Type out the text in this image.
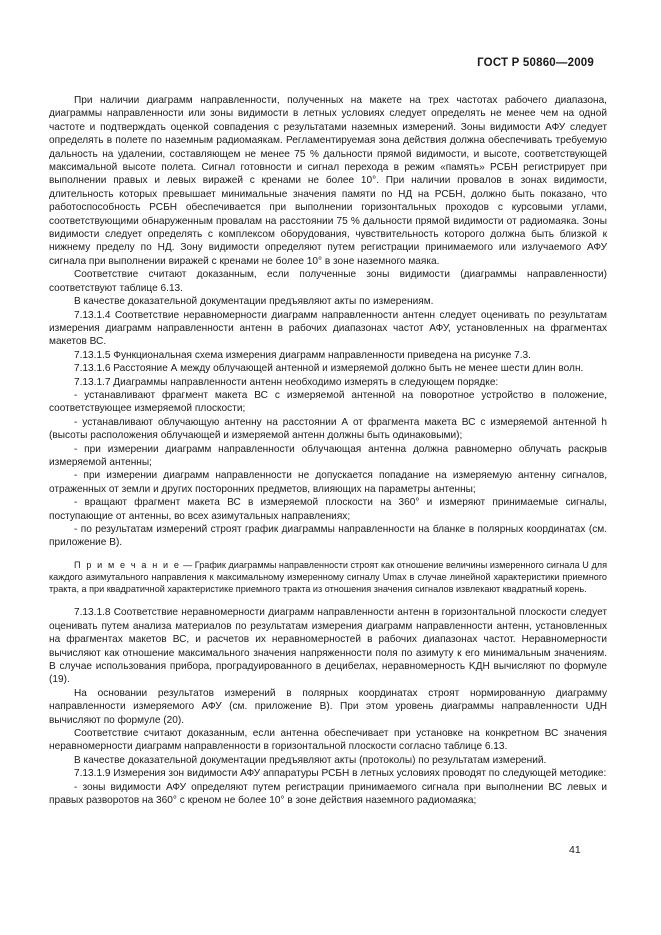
ГОСТ Р 50860—2009

При наличии диаграмм направленности, полученных на макете на трех частотах рабочего диапазона, диаграммы направленности или зоны видимости в летных условиях следует определять не менее чем на одной частоте и подтверждать оценкой совпадения с результатами наземных измерений. Зоны видимости АФУ следует определять в полете по наземным радиомаякам. Регламентируемая зона действия должна обеспечивать требуемую дальность на удалении, составляющем не менее 75 % дальности прямой видимости, и высоте, соответствующей максимальной высоте полета. Сигнал готовности и сигнал перехода в режим «память» РСБН регистрирует при выполнении правых и левых виражей с кренами не более 10°. При наличии провалов в зонах видимости, длительность которых превышает минимальные значения памяти по НД на РСБН, должно быть показано, что работоспособность РСБН обеспечивается при выполнении горизонтальных проходов с курсовыми углами, соответствующими обнаруженным провалам на расстоянии 75 % дальности прямой видимости от радиомаяка. Зоны видимости следует определять с комплексом оборудования, чувствительность которого должна быть близкой к нижнему пределу по НД. Зону видимости определяют путем регистрации принимаемого или излучаемого АФУ сигнала при выполнении виражей с кренами не более 10° в зоне наземного маяка.

Соответствие считают доказанным, если полученные зоны видимости (диаграммы направленности) соответствуют таблице 6.13.

В качестве доказательной документации предъявляют акты по измерениям.

7.13.1.4 Соответствие неравномерности диаграмм направленности антенн следует оценивать по результатам измерения диаграмм направленности антенн в рабочих диапазонах частот АФУ, установленных на фрагментах макетов ВС.

7.13.1.5 Функциональная схема измерения диаграмм направленности приведена на рисунке 7.3.

7.13.1.6 Расстояние А между облучающей антенной и измеряемой должно быть не менее шести длин волн.

7.13.1.7 Диаграммы направленности антенн необходимо измерять в следующем порядке:

- устанавливают фрагмент макета ВС с измеряемой антенной на поворотное устройство в положение, соответствующее измеряемой плоскости;

- устанавливают облучающую антенну на расстоянии А от фрагмента макета ВС с измеряемой антенной h (высоты расположения облучающей и измеряемой антенн должны быть одинаковыми);

- при измерении диаграмм направленности облучающая антенна должна равномерно облучать раскрыв измеряемой антенны;

- при измерении диаграмм направленности не допускается попадание на измеряемую антенну сигналов, отраженных от земли и других посторонних предметов, влияющих на параметры антенны;

- вращают фрагмент макета ВС в измеряемой плоскости на 360° и измеряют принимаемые сигналы, поступающие от антенны, во всех азимутальных направлениях;

- по результатам измерений строят график диаграммы направленности на бланке в полярных координатах (см. приложение В).

П р и м е ч а н и е — График диаграммы направленности строят как отношение величины измеренного сигнала U для каждого азимутального направления к максимальному измеренному сигналу Umax в случае линейной характеристики приемного тракта, а при квадратичной характеристике приемного тракта из отношения значения сигналов извлекают квадратный корень.

7.13.1.8 Соответствие неравномерности диаграмм направленности антенн в горизонтальной плоскости следует оценивать путем анализа материалов по результатам измерения диаграмм направленности антенн, установленных на фрагментах макетов ВС, и расчетов их неравномерностей в рабочих диапазонах частот. Неравномерности вычисляют как отношение максимального значения напряженности поля по азимуту к его минимальным значениям. В случае использования прибора, проградуированного в децибелах, неравномерность KДН вычисляют по формуле (19).

На основании результатов измерений в полярных координатах строят нормированную диаграмму направленности измеряемого АФУ (см. приложение В). При этом уровень диаграммы направленности UДН вычисляют по формуле (20).

Соответствие считают доказанным, если антенна обеспечивает при установке на конкретном ВС значения неравномерности диаграмм направленности в горизонтальной плоскости согласно таблице 6.13.

В качестве доказательной документации предъявляют акты (протоколы) по результатам измерений.

7.13.1.9 Измерения зон видимости АФУ аппаратуры РСБН в летных условиях проводят по следующей методике:

- зоны видимости АФУ определяют путем регистрации принимаемого сигнала при выполнении ВС левых и правых разворотов на 360° с креном не более 10° в зоне действия наземного радиомаяка;

41
